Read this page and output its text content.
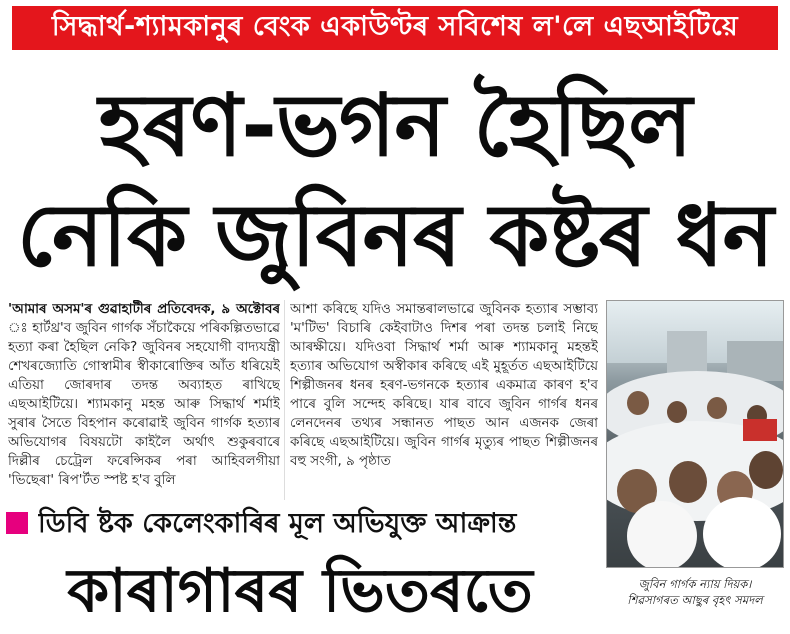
সিদ্ধাৰ্থ-শ্যামকানুৰ বেংক একাউণ্টৰ সবিশেষ ল'লে এছআইটিয়ে
হৰণ-ভগন হৈছিল
নেকি জুবিনৰ কষ্টৰ ধন
'আমাৰ অসম'ৰ গুৱাহাটীৰ প্ৰতিবেদক, ৯ অক্টোবৰ ঃ হাৰ্টথ্ৰ'ব জুবিন গাৰ্গক সঁচাকৈয়ে পৰিকল্পিতভাৱে হত্যা কৰা হৈছিল নেকি? জুবিনৰ সহযোগী বাদ্যযন্ত্ৰী শেখৰজ্যোতি গোস্বামীৰ স্বীকাৰোক্তিৰ আঁত ধৰিয়েই এতিয়া জোৰদাৰ তদন্ত অব্যাহত ৰাখিছে এছআইটিয়ে। শ্যামকানু মহন্ত আৰু সিদ্ধাৰ্থ শৰ্মাই সুৰাৰ সৈতে বিহপান কৰোৱাই জুবিন গাৰ্গক হত্যাৰ অভিযোগৰ বিষয়টো কাইলৈ অৰ্থাৎ শুকুৰবাৰে দিল্লীৰ চেট্ৰেল ফৰেন্সিকৰ পৰা আহিবলগীয়া 'ভিছেৰা' ৰিপ'ৰ্টত স্পষ্ট হ'ব বুলি
আশা কৰিছে যদিও সমান্তৰালভাৱে জুবিনক হত্যাৰ সম্ভাব্য 'ম'টিভ' বিচাৰি কেইবাটাও দিশৰ পৰা তদন্ত চলাই নিছে আৰক্ষীয়ে। যদিওবা সিদ্ধাৰ্থ শৰ্মা আৰু শ্যামকানু মহন্তই হত্যাৰ অভিযোগ অস্বীকাৰ কৰিছে এই মুহূৰ্তত এছআইটিয়ে শিল্পীজনৰ ধনৰ হৰণ-ভগনকে হত্যাৰ একমাত্ৰ কাৰণ হ'ব পাৰে বুলি সন্দেহ কৰিছে। যাৰ বাবে জুবিন গাৰ্গৰ ধনৰ লেনদেনৰ তথ্যৰ সন্ধানত পাছত আন এজনক জেৰা কৰিছে এছআইটিয়ে। জুবিন গাৰ্গৰ মৃত্যুৰ পাছত শিল্পীজনৰ বহু সংগী, ৯ পৃষ্ঠাত
জুবিন গাৰ্গক ন্যায় দিয়ক।
শিৱসাগৰত আছুৰ বৃহৎ সমদল
ডিবি ষ্টক কেলেংকাৰিৰ মূল অভিযুক্ত আক্ৰান্ত
কাৰাগাৰৰ ভিতৰতে
